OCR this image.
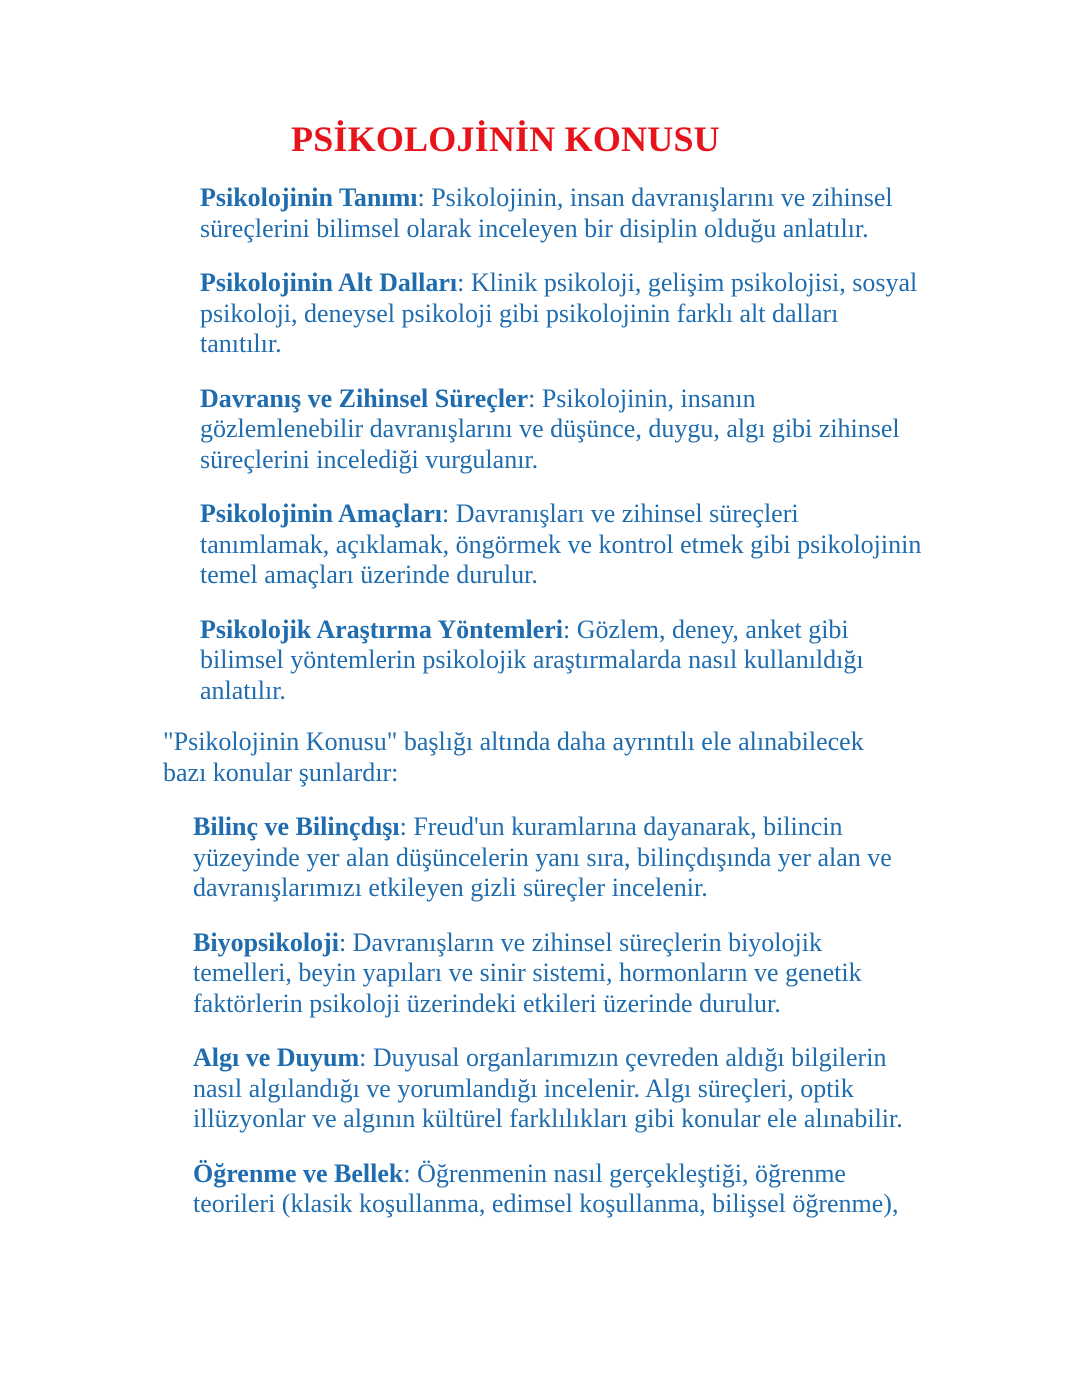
PSİKOLOJİNİN KONUSU

Psikolojinin Tanımı: Psikolojinin, insan davranışlarını ve zihinsel süreçlerini bilimsel olarak inceleyen bir disiplin olduğu anlatılır.

Psikolojinin Alt Dalları: Klinik psikoloji, gelişim psikolojisi, sosyal psikoloji, deneysel psikoloji gibi psikolojinin farklı alt dalları tanıtılır.

Davranış ve Zihinsel Süreçler: Psikolojinin, insanın gözlemlenebilir davranışlarını ve düşünce, duygu, algı gibi zihinsel süreçlerini incelediği vurgulanır.

Psikolojinin Amaçları: Davranışları ve zihinsel süreçleri tanımlamak, açıklamak, öngörmek ve kontrol etmek gibi psikolojinin temel amaçları üzerinde durulur.

Psikolojik Araştırma Yöntemleri: Gözlem, deney, anket gibi bilimsel yöntemlerin psikolojik araştırmalarda nasıl kullanıldığı anlatılır.

"Psikolojinin Konusu" başlığı altında daha ayrıntılı ele alınabilecek bazı konular şunlardır:

Bilinç ve Bilinçdışı: Freud'un kuramlarına dayanarak, bilincin yüzeyinde yer alan düşüncelerin yanı sıra, bilinçdışında yer alan ve davranışlarımızı etkileyen gizli süreçler incelenir.

Biyopsikoloji: Davranışların ve zihinsel süreçlerin biyolojik temelleri, beyin yapıları ve sinir sistemi, hormonların ve genetik faktörlerin psikoloji üzerindeki etkileri üzerinde durulur.

Algı ve Duyum: Duyusal organlarımızın çevreden aldığı bilgilerin nasıl algılandığı ve yorumlandığı incelenir. Algı süreçleri, optik illüzyonlar ve algının kültürel farklılıkları gibi konular ele alınabilir.

Öğrenme ve Bellek: Öğrenmenin nasıl gerçekleştiği, öğrenme teorileri (klasik koşullanma, edimsel koşullanma, bilişsel öğrenme),
